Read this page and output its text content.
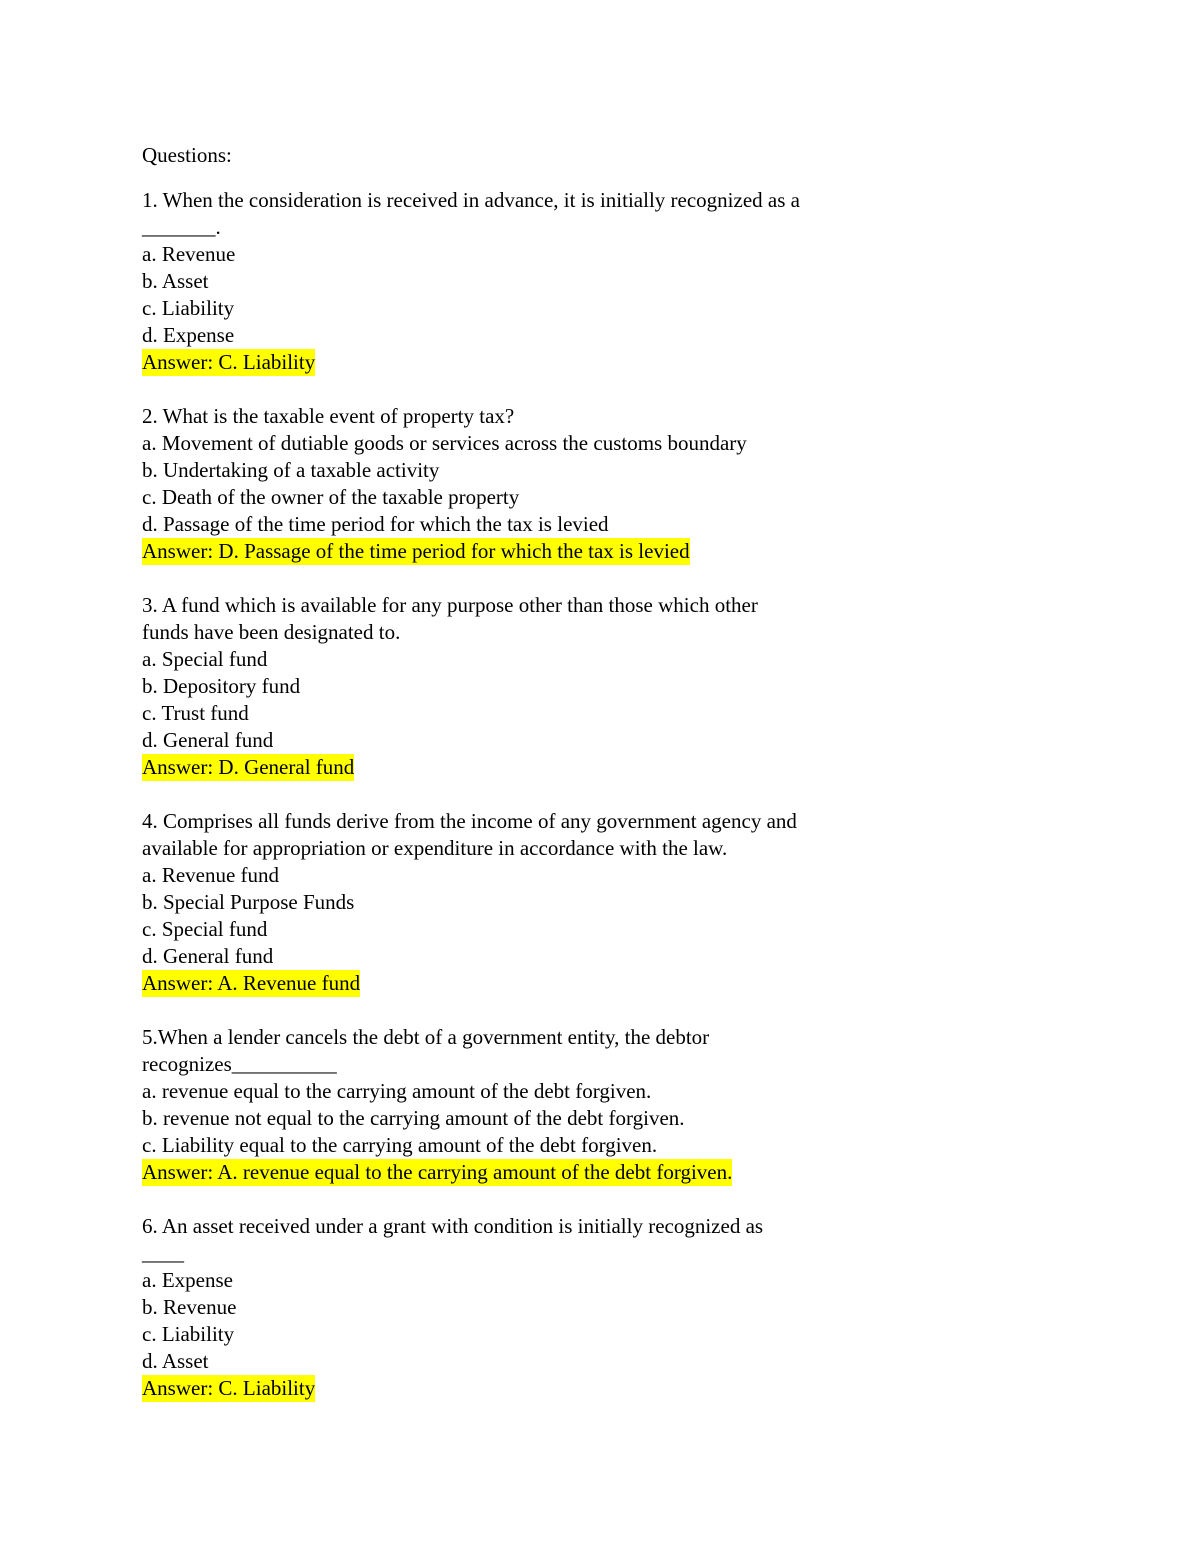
Questions:
1. When the consideration is received in advance, it is initially recognized as a
_______.
a. Revenue
b. Asset
c. Liability
d. Expense
Answer: C. Liability
2. What is the taxable event of property tax?
a. Movement of dutiable goods or services across the customs boundary
b. Undertaking of a taxable activity
c. Death of the owner of the taxable property
d. Passage of the time period for which the tax is levied
Answer: D. Passage of the time period for which the tax is levied
3. A fund which is available for any purpose other than those which other
funds have been designated to.
a. Special fund
b. Depository fund
c. Trust fund
d. General fund
Answer: D. General fund
4. Comprises all funds derive from the income of any government agency and
available for appropriation or expenditure in accordance with the law.
a. Revenue fund
b. Special Purpose Funds
c. Special fund
d. General fund
Answer: A. Revenue fund
5.When a lender cancels the debt of a government entity, the debtor
recognizes__________
a. revenue equal to the carrying amount of the debt forgiven.
b. revenue not equal to the carrying amount of the debt forgiven.
c. Liability equal to the carrying amount of the debt forgiven.
Answer: A. revenue equal to the carrying amount of the debt forgiven.
6. An asset received under a grant with condition is initially recognized as
____
a. Expense
b. Revenue
c. Liability
d. Asset
Answer: C. Liability
